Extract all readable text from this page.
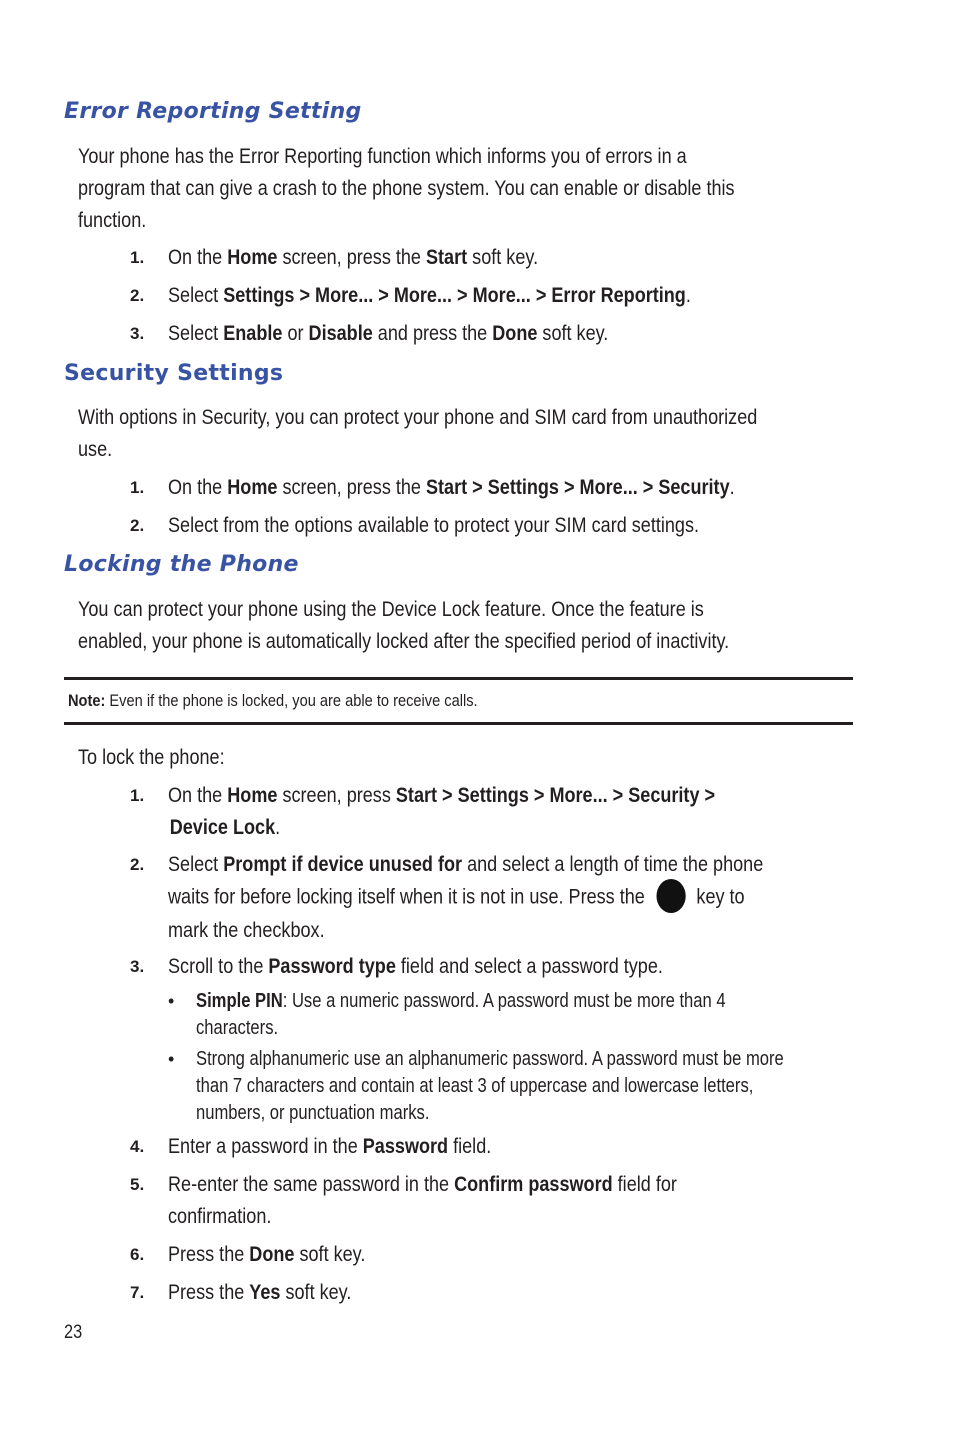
Error Reporting Setting
Your phone has the Error Reporting function which informs you of errors in a
program that can give a crash to the phone system. You can enable or disable this
function.
1. On the Home screen, press the Start soft key.
2. Select Settings > More... > More... > More... > Error Reporting.
3. Select Enable or Disable and press the Done soft key.
Security Settings
With options in Security, you can protect your phone and SIM card from unauthorized
use.
1. On the Home screen, press the Start > Settings > More... > Security.
2. Select from the options available to protect your SIM card settings.
Locking the Phone
You can protect your phone using the Device Lock feature. Once the feature is
enabled, your phone is automatically locked after the specified period of inactivity.
Note: Even if the phone is locked, you are able to receive calls.
To lock the phone:
1. On the Home screen, press Start > Settings > More... > Security >
Device Lock.
2. Select Prompt if device unused for and select a length of time the phone
waits for before locking itself when it is not in use. Press the key to
mark the checkbox.
3. Scroll to the Password type field and select a password type.
• Simple PIN: Use a numeric password. A password must be more than 4
characters.
• Strong alphanumeric use an alphanumeric password. A password must be more
than 7 characters and contain at least 3 of uppercase and lowercase letters,
numbers, or punctuation marks.
4. Enter a password in the Password field.
5. Re-enter the same password in the Confirm password field for
confirmation.
6. Press the Done soft key.
7. Press the Yes soft key.
23
